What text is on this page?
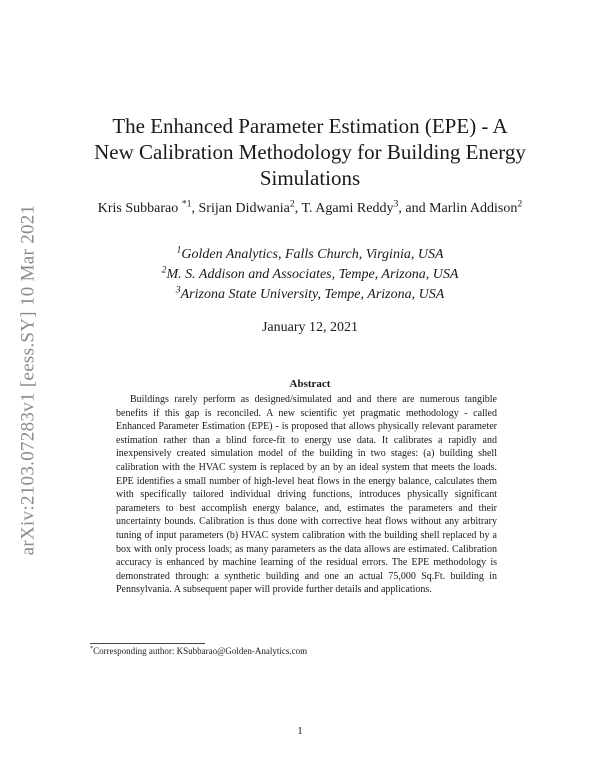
arXiv:2103.07283v1 [eess.SY] 10 Mar 2021
The Enhanced Parameter Estimation (EPE) - A
New Calibration Methodology for Building Energy
Simulations
Kris Subbarao $^{*1}$, Srijan Didwania$^2$, T. Agami Reddy$^3$, and Marlin Addison$^2$
$^1$Golden Analytics, Falls Church, Virginia, USA
$^2$M. S. Addison and Associates, Tempe, Arizona, USA
$^3$Arizona State University, Tempe, Arizona, USA
January 12, 2021
Abstract

Buildings rarely perform as designed/simulated and and there are numerous tangible benefits if this gap is reconciled. A new scientific yet pragmatic methodology - called Enhanced Parameter Estimation (EPE) - is proposed that allows physically relevant parameter estimation rather than a blind force-fit to energy use data. It calibrates a rapidly and inexpensively created simulation model of the building in two stages: (a) building shell calibration with the HVAC system is replaced by an by an ideal system that meets the loads. EPE identifies a small number of high-level heat flows in the energy balance, calculates them with specifically tailored individual driving functions, introduces physically significant parameters to best accomplish energy balance, and, estimates the parameters and their uncertainty bounds. Calibration is thus done with corrective heat flows without any arbitrary tuning of input parameters (b) HVAC system calibration with the building shell replaced by a box with only process loads; as many parameters as the data allows are estimated. Calibration accuracy is enhanced by machine learning of the residual errors. The EPE methodology is demonstrated through: a synthetic building and one an actual 75,000 Sq.Ft. building in Pennsylvania. A subsequent paper will provide further details and applications.

*Corresponding author: KSubbarao@Golden-Analytics.com
1
